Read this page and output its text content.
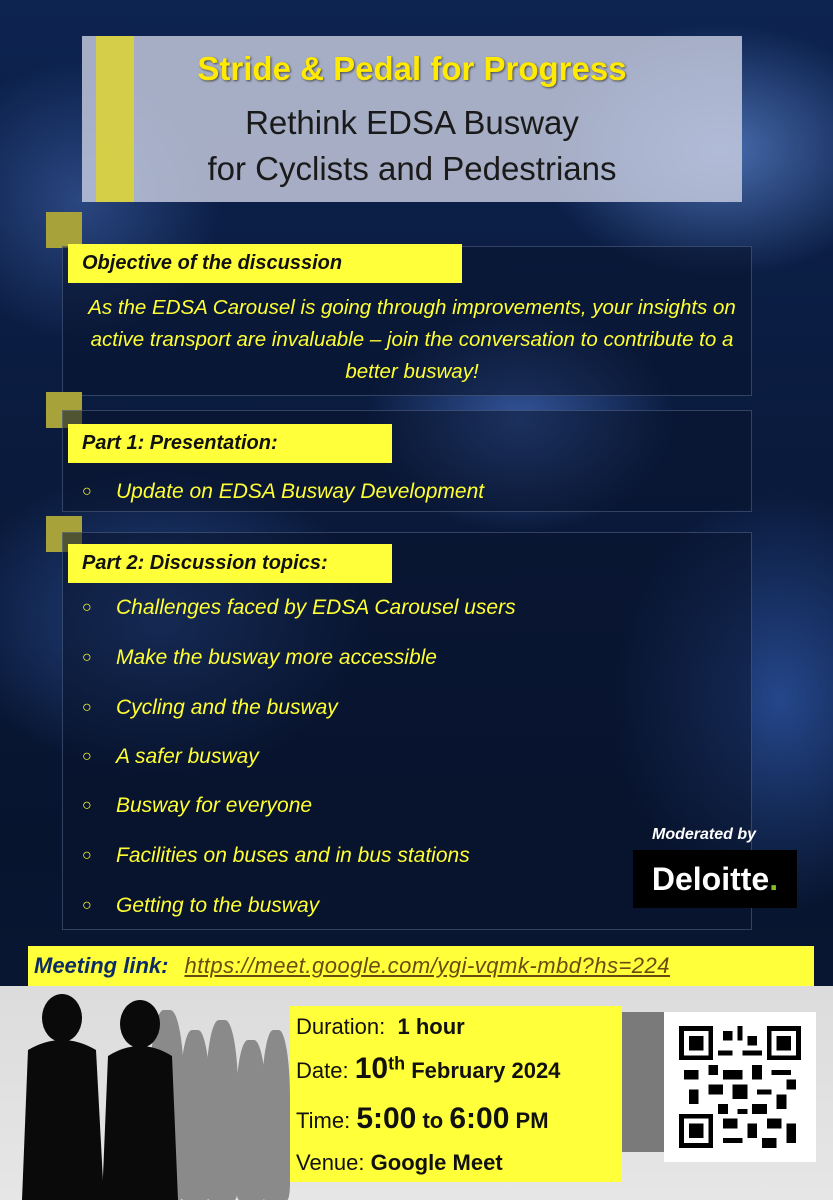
Stride & Pedal for Progress
Rethink EDSA Busway
for Cyclists and Pedestrians
Objective of the discussion
As the EDSA Carousel is going through improvements, your insights on active transport are invaluable – join the conversation to contribute to a better busway!
Part 1: Presentation:
○	Update on EDSA Busway Development
Part 2: Discussion topics:
○	Challenges faced by EDSA Carousel users
○	Make the busway more accessible
○	Cycling and the busway
○	A safer busway
○	Busway for everyone
○	Facilities on buses and in bus stations
○	Getting to the busway
Moderated by
Deloitte .
Meeting link: https://meet.google.com/ygi-vqmk-mbd?hs=224
Duration: 1 hour
Date: 10th February 2024
Time: 5:00 to 6:00 PM
Venue: Google Meet
